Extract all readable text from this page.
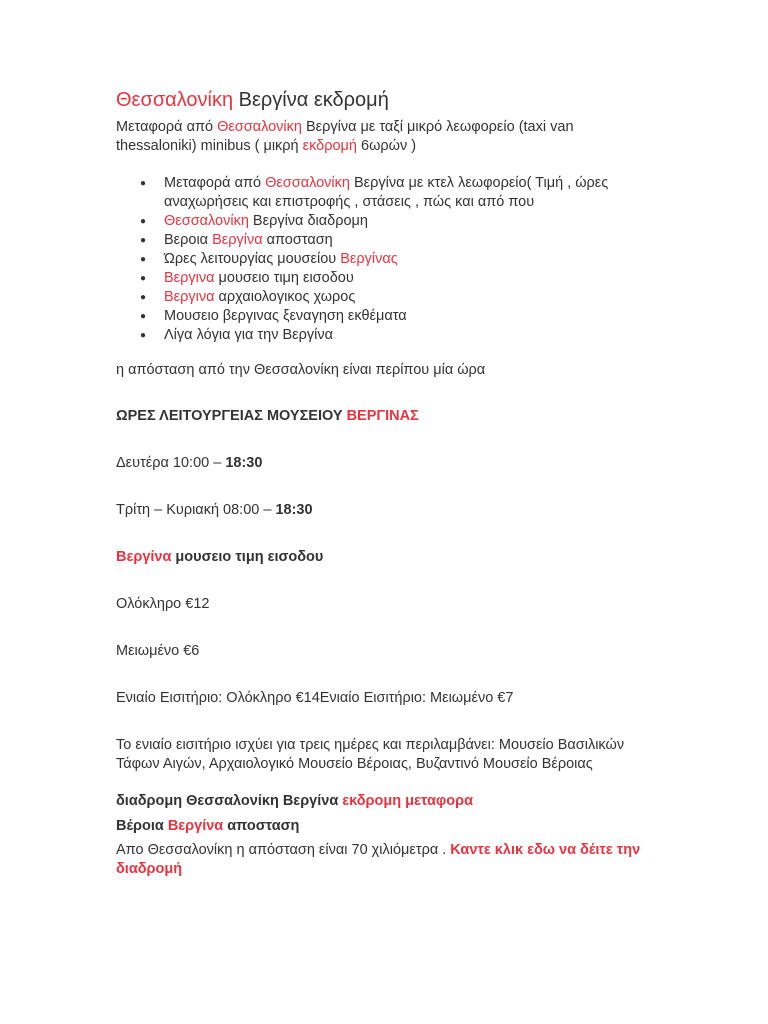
Θεσσαλονίκη Βεργίνα εκδρομή

Μεταφορά από Θεσσαλονίκη Βεργίνα με ταξί μικρό λεωφορείο (taxi van thessaloniki) minibus ( μικρή εκδρομή 6ωρών )

● Μεταφορά από Θεσσαλονίκη Βεργίνα με κτελ λεωφορείο( Τιμή , ώρες αναχωρήσεις και επιστροφής , στάσεις , πώς και από που
● Θεσσαλονίκη Βεργίνα διαδρομη
● Βεροια Βεργίνα αποσταση
● Ώρες λειτουργίας μουσείου Βεργίνας
● Βεργινα μουσειο τιμη εισοδου
● Βεργινα αρχαιολογικος χωρος
● Μουσειο βεργινας ξεναγηση εκθέματα
● Λίγα λόγια για την Βεργίνα

η απόσταση από την Θεσσαλονίκη είναι περίπου μία ώρα

ΩΡΕΣ ΛΕΙΤΟΥΡΓΕΙΑΣ ΜΟΥΣΕΙΟΥ ΒΕΡΓΙΝΑΣ

Δευτέρα 10:00 – 18:30

Τρίτη – Κυριακή 08:00 – 18:30

Βεργίνα μουσειο τιμη εισοδου

Ολόκληρο €12

Μειωμένο €6

Ενιαίο Εισιτήριο: Ολόκληρο €14Ενιαίο Εισιτήριο: Μειωμένο €7

Το ενιαίο εισιτήριο ισχύει για τρεις ημέρες και περιλαμβάνει: Μουσείο Βασιλικών Τάφων Αιγών, Αρχαιολογικό Μουσείο Βέροιας, Βυζαντινό Μουσείο Βέροιας

διαδρομη Θεσσαλονίκη Βεργίνα εκδρομη μεταφορα

Βέροια Βεργίνα αποσταση

Απο Θεσσαλονίκη η απόσταση είναι 70 χιλιόμετρα . Καντε κλικ εδω να δέιτε την διαδρομή
